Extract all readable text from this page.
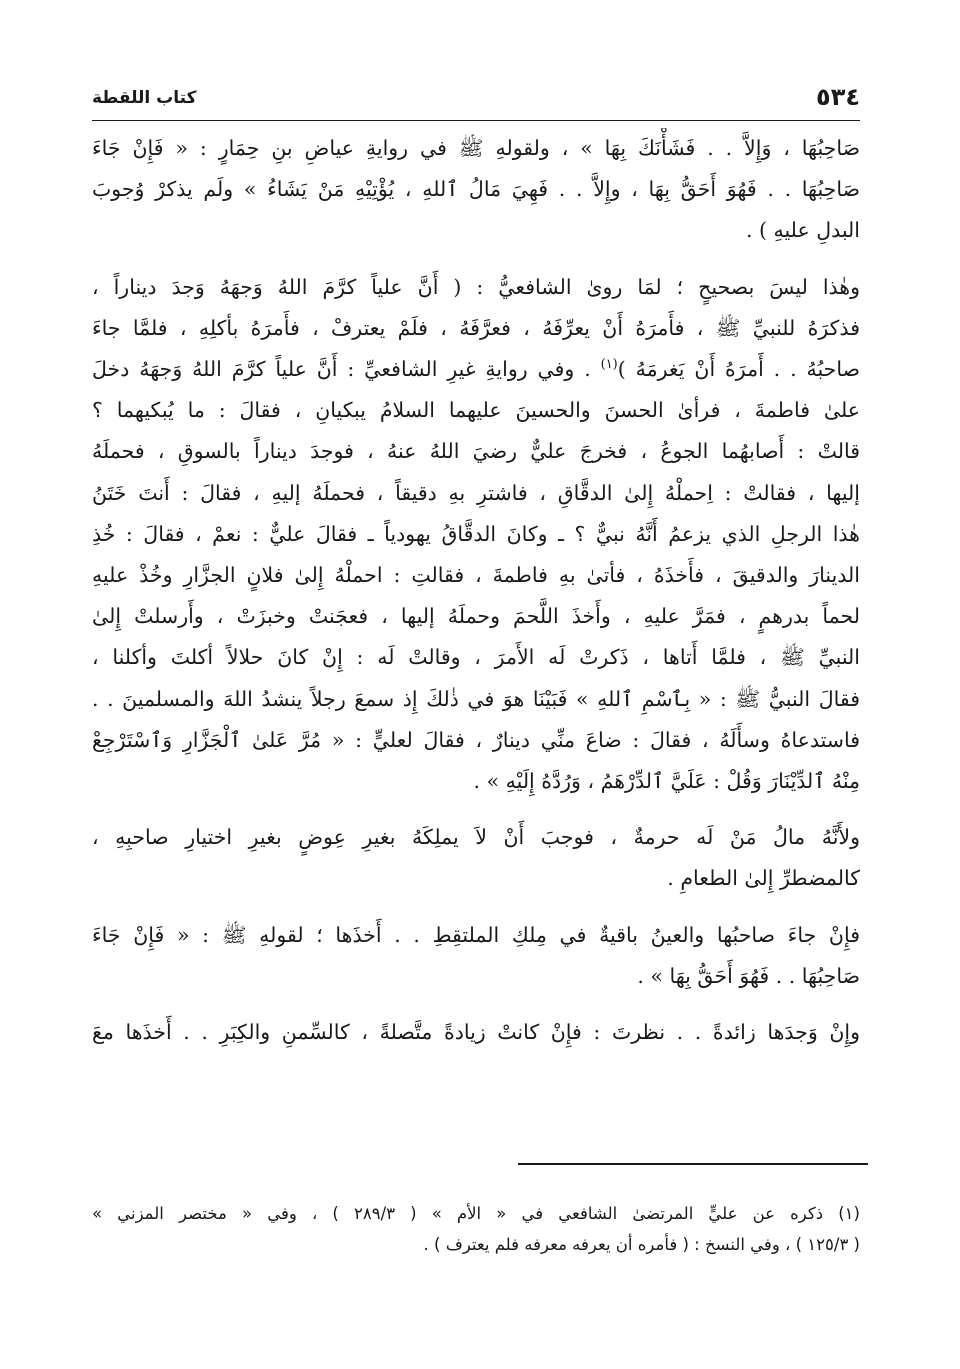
٥٣٤
كتاب اللقطة

صَاحِبُهَا ، وَإِلاَّ . . فَشَأْنَكَ بِهَا » ، ولقولهِ ﷺ في روايةِ عياضِ بنِ حِمَارٍ : « فَإِنْ جَاءَ
صَاحِبُهَا . . فَهُوَ أَحَقُّ بِهَا ، وإِلاَّ . . فَهِيَ مَالُ ٱللهِ ، يُؤْتِيْهِ مَنْ يَشَاءُ » ولَم يذكرْ وُجوبَ
البدلِ عليهِ ) .

وهٰذا ليسَ بصحيحٍ ؛ لمَا روىٰ الشافعيُّ : ( أَنَّ علياً كرَّمَ اللهُ وَجهَهُ وَجدَ ديناراً ،
فذكرَهُ للنبيِّ ﷺ ، فأَمرَهُ أَنْ يعرِّفَهُ ، فعرَّفَهُ ، فلَمْ يعترفْ ، فأَمرَهُ بأكلِهِ ، فلمَّا جاءَ
صاحبُهُ . . أَمرَهُ أَنْ يَغرمَهُ )$^{(١)}$ . وفي روايةِ غيرِ الشافعيِّ : أَنَّ علياً كرَّمَ اللهُ وَجهَهُ دخلَ
علىٰ فاطمةَ ، فرأىٰ الحسنَ والحسينَ عليهما السلامُ يبكيانِ ، فقالَ : ما يُبكيهما ؟
قالتْ : أَصابهُما الجوعُ ، فخرجَ عليٌّ رضيَ اللهُ عنهُ ، فوجدَ ديناراً بالسوقِ ، فحملَهُ
إليها ، فقالتْ : اِحملْهُ إِلىٰ الدقَّاقِ ، فاشترِ بهِ دقيقاً ، فحملَهُ إليهِ ، فقالَ : أَنتَ خَتَنُ
هٰذا الرجلِ الذي يزعمُ أَنَّهُ نبيٌّ ؟ ـ وكانَ الدقَّاقُ يهودياً ـ فقالَ عليٌّ : نعمْ ، فقالَ : خُذِ
الدينارَ والدقيقَ ، فأَخذَهُ ، فأتىٰ بهِ فاطمةَ ، فقالتِ : احملْهُ إِلىٰ فلانٍ الجزَّارِ وخُذْ عليهِ
لحماً بدرهمٍ ، فمَرَّ عليهِ ، وأَخذَ اللَّحمَ وحملَهُ إليها ، فعجَنتْ وخبزَتْ ، وأَرسلتْ إِلىٰ
النبيِّ ﷺ ، فلمَّا أَتاها ، ذَكرتْ لَه الأَمرَ ، وقالتْ لَه : إِنْ كانَ حلالاً أكلتَ وأكلنا ،
فقالَ النبيُّ ﷺ : « بِٱسْمِ ٱللهِ » فَبَيْنَا هوَ في ذٰلكَ إِذ سمعَ رجلاً ينشدُ اللهَ والمسلمينَ . .
فاستدعاهُ وسأَلَهُ ، فقالَ : ضاعَ منِّي دينارٌ ، فقالَ لعليٍّ : « مُرَّ عَلىٰ ٱلْجَزَّارِ وَٱسْتَرْجِعْ
مِنْهُ ٱلدِّيْنَارَ وَقُلْ : عَلَيَّ ٱلدِّرْهَمُ ، وَرُدَّهُ إِلَيْهِ » .

ولأَنَّهُ مالُ مَنْ لَه حرمةٌ ، فوجبَ أَنْ لاَ يملِكَهُ بغيرِ عِوضٍ بغيرِ اختيارِ صاحبِهِ ،
كالمضطرِّ إِلىٰ الطعامِ .

فإِنْ جاءَ صاحبُها والعينُ باقيةٌ في مِلكِ الملتقِطِ . . أَخذَها ؛ لقولهِ ﷺ : « فَإِنْ جَاءَ
صَاحِبُهَا . . فَهُوَ أَحَقُّ بِهَا » .

وإِنْ وَجدَها زائدةً . . نظرتَ : فإِنْ كانتْ زيادةً متَّصلةً ، كالسِّمنِ والكِبَرِ . . أَخذَها معَ

(١) ذكره عن عليٍّ المرتضىٰ الشافعي في « الأم » ( ٢٨٩/٣ ) ، وفي « مختصر المزني »
( ١٢٥/٣ ) ، وفي النسخ : ( فأمره أن يعرفه معرفه فلم يعترف ) .
